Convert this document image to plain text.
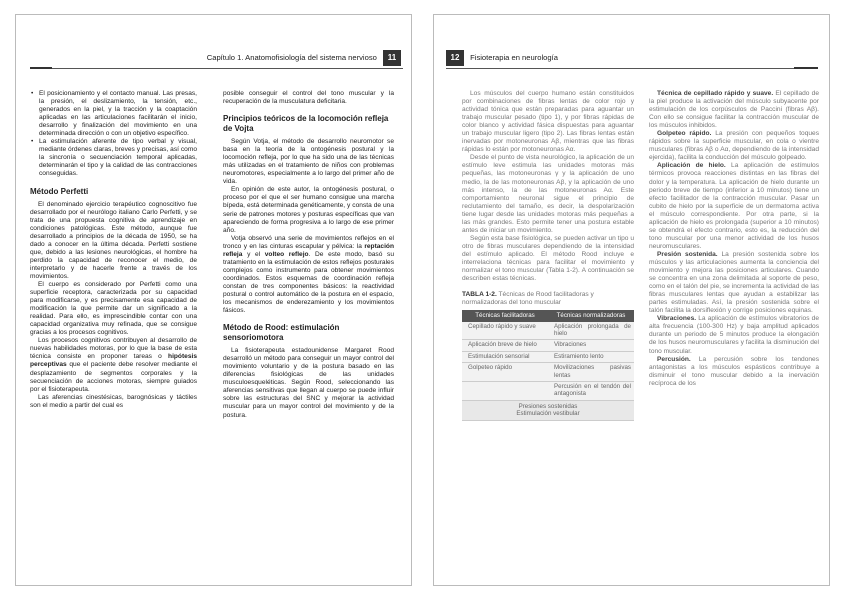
Capítulo 1. Anatomofisiología del sistema nervioso 11
• El posicionamiento y el contacto manual. Las presas, la presión, el deslizamiento, la tensión, etc., generados en la piel, y la tracción y la coaptación aplicadas en las articulaciones facilitarán el inicio, desarrollo y finalización del movimiento en una determinada dirección o con un objetivo específico.
• La estimulación aferente de tipo verbal y visual, mediante órdenes claras, breves y precisas, así como la sincronía o secuenciación temporal aplicadas, determinarán el tipo y la calidad de las contracciones conseguidas.
Método Perfetti

El denominado ejercicio terapéutico cognoscitivo fue desarrollado por el neurólogo italiano Carlo Perfetti, y se trata de una propuesta cognitiva de aprendizaje en condiciones patológicas. Este método, aunque fue desarrollado a principios de la década de 1950, se ha dado a conocer en la última década. Perfetti sostiene que, debido a las lesiones neurológicas, el hombre ha perdido la capacidad de reconocer el medio, de interpretarlo y de hacerle frente a través de los movimientos.

El cuerpo es considerado por Perfetti como una superficie receptora, caracterizada por su capacidad para modificarse, y es precisamente esa capacidad de modificación la que permite dar un significado a la realidad. Para ello, es imprescindible contar con una capacidad organizativa muy refinada, que se consigue gracias a los procesos cognitivos.

Los procesos cognitivos contribuyen al desarrollo de nuevas habilidades motoras, por lo que la base de esta técnica consiste en proponer tareas o hipótesis perceptivas que el paciente debe resolver mediante el desplazamiento de segmentos corporales y la secuenciación de acciones motoras, siempre guiados por el fisioterapeuta.

Las aferencias cinestésicas, barognósicas y táctiles son el medio a partir del cual es

posible conseguir el control del tono muscular y la recuperación de la musculatura deficitaria.

Principios teóricos de la locomoción refleja de Vojta

Según Votja, el método de desarrollo neuromotor se basa en la teoría de la ontogénesis postural y la locomoción refleja, por lo que ha sido una de las técnicas más utilizadas en el tratamiento de niños con problemas neuromotores, especialmente a lo largo del primer año de vida.

En opinión de este autor, la ontogénesis postural, o proceso por el que el ser humano consigue una marcha bípeda, está determinada genéticamente, y consta de una serie de patrones motores y posturas específicas que van apareciendo de forma progresiva a lo largo de ese primer año.

Votja observó una serie de movimientos reflejos en el tronco y en las cinturas escapular y pélvica: la reptación refleja y el volteo reflejo. De este modo, basó su tratamiento en la estimulación de estos reflejos posturales complejos como instrumento para obtener movimientos coordinados. Estos esquemas de coordinación refleja constan de tres componentes básicos: la reactividad postural o control automático de la postura en el espacio, los mecanismos de enderezamiento y los movimientos fásicos.

Método de Rood: estimulación sensoriomotora

La fisioterapeuta estadounidense Margaret Rood desarrolló un método para conseguir un mayor control del movimiento voluntario y de la postura basado en las diferencias fisiológicas de las unidades musculoesqueléticas. Según Rood, seleccionando las aferencias sensitivas que llegan al cuerpo se puede influir sobre las estructuras del SNC y mejorar la actividad muscular para un mayor control del movimiento y de la postura.

12 Fisioterapia en neurología

Los músculos del cuerpo humano están constituidos por combinaciones de fibras lentas de color rojo y actividad tónica que están preparadas para aguantar un trabajo muscular pesado (tipo 1), y por fibras rápidas de color blanco y actividad fásica dispuestas para aguantar un trabajo muscular ligero (tipo 2). Las fibras lentas están inervadas por motoneuronas Aβ, mientras que las fibras rápidas lo están por motoneuronas Aα.

Desde el punto de vista neurológico, la aplicación de un estímulo leve estimula las unidades motoras más pequeñas, las motoneuronas γ y la aplicación de uno medio, la de las motoneuronas Aβ, y la aplicación de uno más intenso, la de las motoneuronas Aα. Este comportamiento neuronal sigue el principio de reclutamiento del tamaño, es decir, la despolarización tiene lugar desde las unidades motoras más pequeñas a las más grandes. Esto permite tener una postura estable antes de iniciar un movimiento.

Según esta base fisiológica, se pueden activar un tipo u otro de fibras musculares dependiendo de la intensidad del estímulo aplicado. El método Rood incluye e interrelaciona técnicas para facilitar el movimiento y normalizar el tono muscular (Tabla 1-2). A continuación se describen estas técnicas.

TABLA 1-2. Técnicas de Rood facilitadoras y normalizadoras del tono muscular
Técnicas facilitadoras	Técnicas normalizadoras
Cepillado rápido y suave	Aplicación prolongada de hielo
Aplicación breve de hielo	Vibraciones
Estimulación sensorial	Estiramiento lento
Golpeteo rápido	Movilizaciones pasivas lentas
	Percusión en el tendón del antagonista

Presiones sostenidas
Estimulación vestibular	

Técnica de cepillado rápido y suave. El cepillado de la piel produce la activación del músculo subyacente por estimulación de los corpúsculos de Paccini (fibras Aβ). Con ello se consigue facilitar la contracción muscular de los músculos inhibidos.

Golpeteo rápido. La presión con pequeños toques rápidos sobre la superficie muscular, en cola o vientre musculares (fibras Aβ o Aα, dependiendo de la intensidad ejercida), facilita la conducción del músculo golpeado.

Aplicación de hielo. La aplicación de estímulos térmicos provoca reacciones distintas en las fibras del dolor y la temperatura. La aplicación de hielo durante un periodo breve de tiempo (inferior a 10 minutos) tiene un efecto facilitador de la contracción muscular. Pasar un cubito de hielo por la superficie de un dermatoma activa el músculo correspondiente. Por otra parte, si la aplicación de hielo es prolongada (superior a 10 minutos) se obtendrá el efecto contrario, esto es, la reducción del tono muscular por una menor actividad de los husos neuromusculares.

Presión sostenida. La presión sostenida sobre los músculos y las articulaciones aumenta la conciencia del movimiento y mejora las posiciones articulares. Cuando se concentra en una zona delimitada al soporte de peso, como en el talón del pie, se incrementa la actividad de las fibras musculares lentas que ayudan a estabilizar las partes estimuladas. Así, la presión sostenida sobre el talón facilita la dorsiflexión y corrige posiciones equinas.

Vibraciones. La aplicación de estímulos vibratorios de alta frecuencia (100-300 Hz) y baja amplitud aplicados durante un periodo de 5 minutos produce la elongación de los husos neuromusculares y facilita la disminución del tono muscular.

Percusión. La percusión sobre los tendones antagonistas a los músculos espásticos contribuye a disminuir el tono muscular debido a la inervación recíproca de los
